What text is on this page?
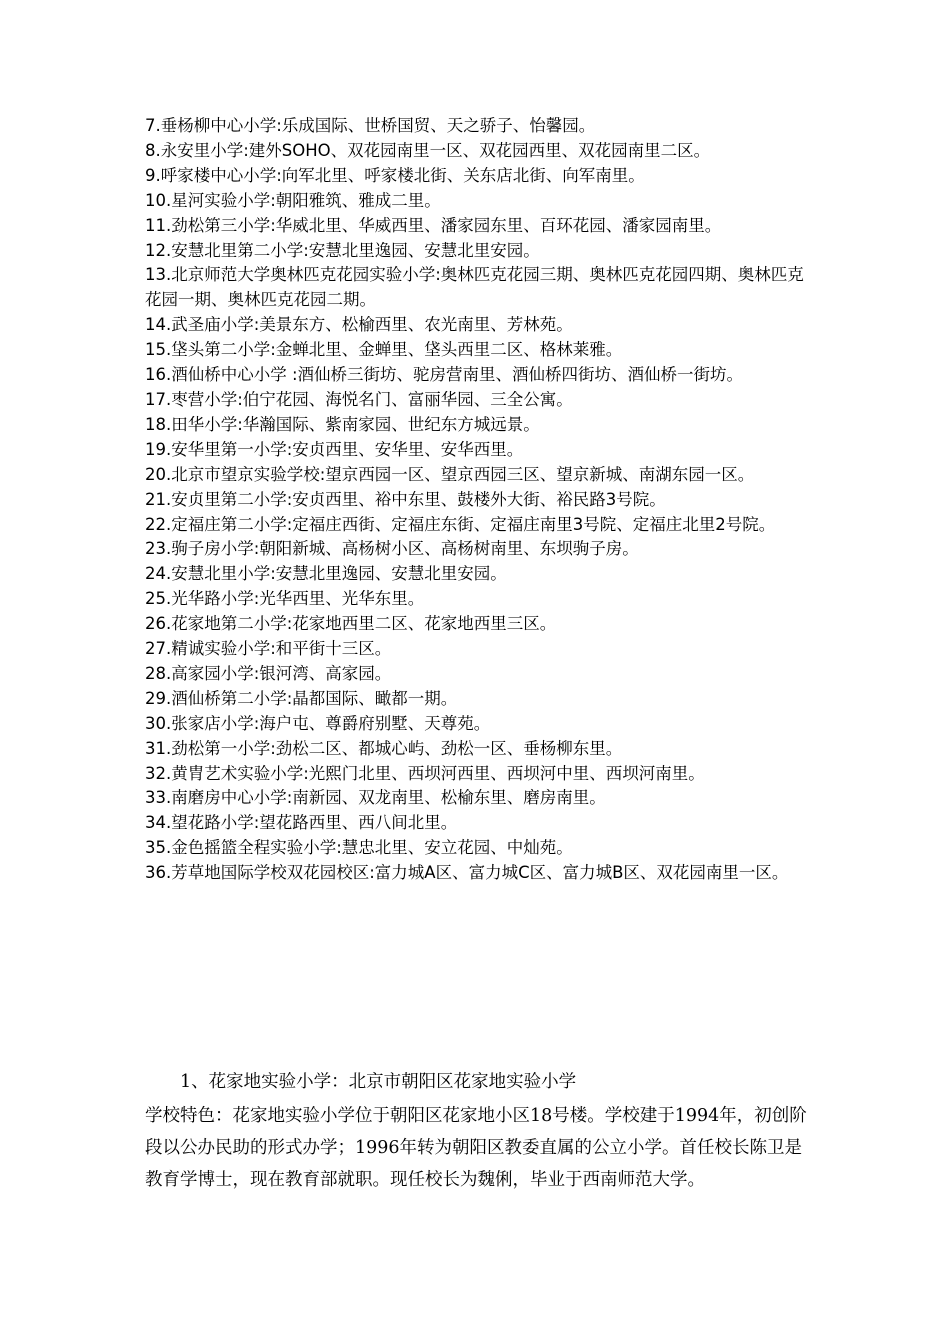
7.垂杨柳中心小学:乐成国际、世桥国贸、天之骄子、怡馨园。
8.永安里小学:建外SOHO、双花园南里一区、双花园西里、双花园南里二区。
9.呼家楼中心小学:向军北里、呼家楼北街、关东店北街、向军南里。
10.星河实验小学:朝阳雅筑、雅成二里。
11.劲松第三小学:华威北里、华威西里、潘家园东里、百环花园、潘家园南里。
12.安慧北里第二小学:安慧北里逸园、安慧北里安园。
13.北京师范大学奥林匹克花园实验小学:奥林匹克花园三期、奥林匹克花园四期、奥林匹克花园一期、奥林匹克花园二期。
14.武圣庙小学:美景东方、松榆西里、农光南里、芳林苑。
15.垡头第二小学:金蝉北里、金蝉里、垡头西里二区、格林莱雅。
16.酒仙桥中心小学 :酒仙桥三街坊、驼房营南里、酒仙桥四街坊、酒仙桥一街坊。
17.枣营小学:伯宁花园、海悦名门、富丽华园、三全公寓。
18.田华小学:华瀚国际、紫南家园、世纪东方城远景。
19.安华里第一小学:安贞西里、安华里、安华西里。
20.北京市望京实验学校:望京西园一区、望京西园三区、望京新城、南湖东园一区。
21.安贞里第二小学:安贞西里、裕中东里、鼓楼外大街、裕民路3号院。
22.定福庄第二小学:定福庄西街、定福庄东街、定福庄南里3号院、定福庄北里2号院。
23.驹子房小学:朝阳新城、高杨树小区、高杨树南里、东坝驹子房。
24.安慧北里小学:安慧北里逸园、安慧北里安园。
25.光华路小学:光华西里、光华东里。
26.花家地第二小学:花家地西里二区、花家地西里三区。
27.精诚实验小学:和平街十三区。
28.高家园小学:银河湾、高家园。
29.酒仙桥第二小学:晶都国际、瞰都一期。
30.张家店小学:海户屯、尊爵府别墅、天尊苑。
31.劲松第一小学:劲松二区、都城心屿、劲松一区、垂杨柳东里。
32.黄胄艺术实验小学:光熙门北里、西坝河西里、西坝河中里、西坝河南里。
33.南磨房中心小学:南新园、双龙南里、松榆东里、磨房南里。
34.望花路小学:望花路西里、西八间北里。
35.金色摇篮全程实验小学:慧忠北里、安立花园、中灿苑。
36.芳草地国际学校双花园校区:富力城A区、富力城C区、富力城B区、双花园南里一区。

1、花家地实验小学：北京市朝阳区花家地实验小学

学校特色：花家地实验小学位于朝阳区花家地小区18号楼。学校建于1994年，初创阶段以公办民助的形式办学；1996年转为朝阳区教委直属的公立小学。首任校长陈卫是教育学博士，现在教育部就职。现任校长为魏俐，毕业于西南师范大学。
